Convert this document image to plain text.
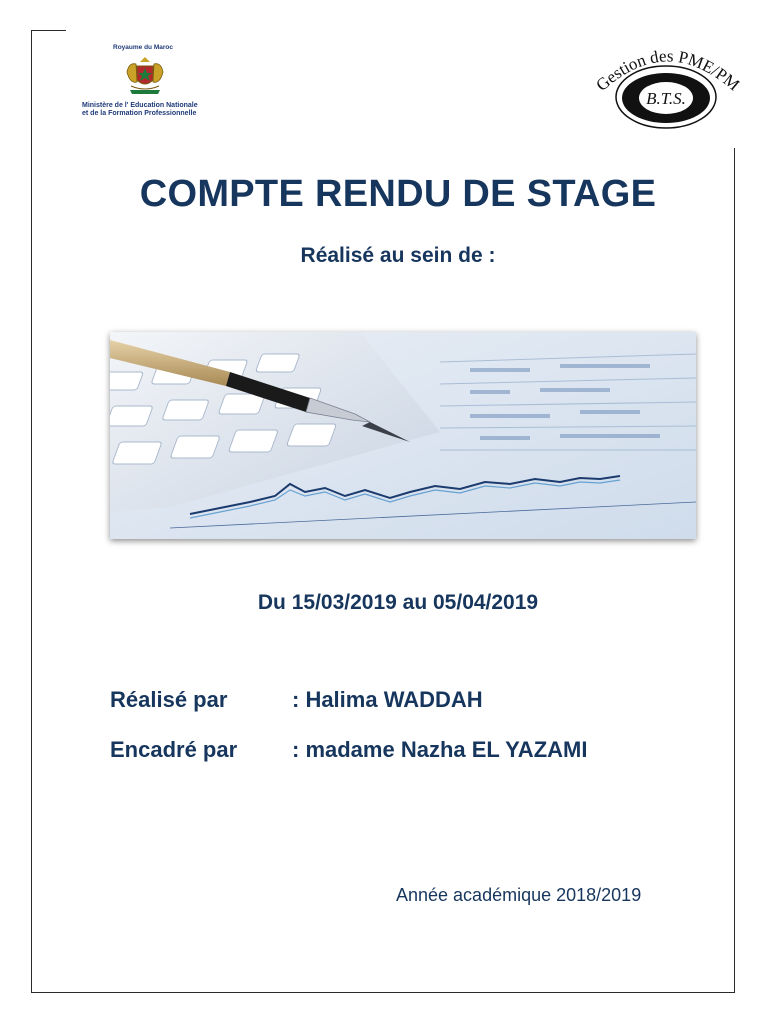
Royaume du Maroc
Ministère de l' Education Nationale
et de la Formation Professionnelle
Gestion des PME/P
B.T.S.
COMPTE RENDU DE STAGE
Réalisé au sein de :
Du 15/03/2019 au 05/04/2019
Réalisé par	: Halima WADDAH
Encadré par : madame Nazha EL YAZAMI
Année académique 2018/2019
